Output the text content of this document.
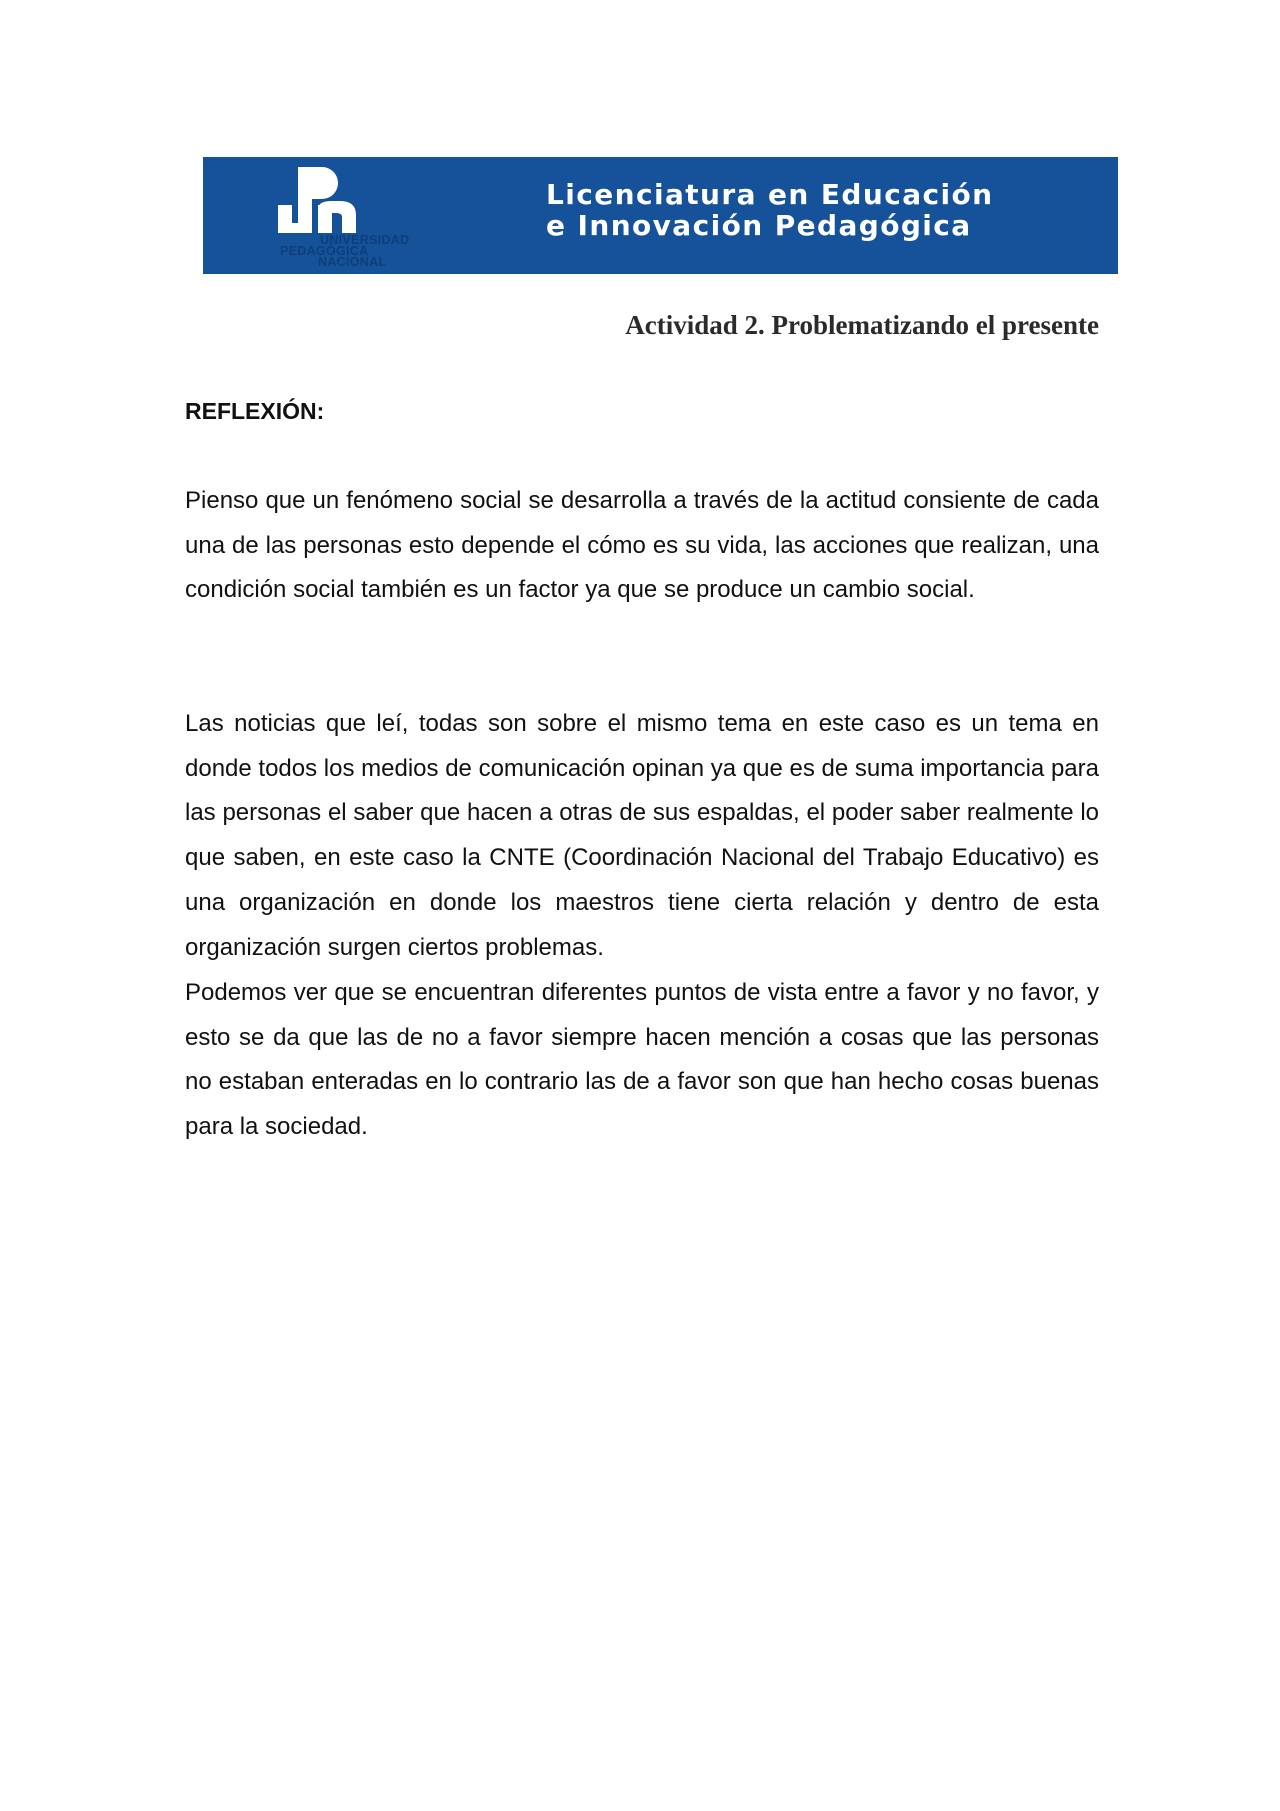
UNIVERSIDAD
PEDAGÓGICA
NACIONAL
Licenciatura en Educación
e Innovación Pedagógica
Actividad 2. Problematizando el presente
REFLEXIÓN:

Pienso que un fenómeno social se desarrolla a través de la actitud consiente de cada una de las personas esto depende el cómo es su vida, las acciones que realizan, una condición social también es un factor ya que se produce un cambio social.

Las noticias que leí, todas son sobre el mismo tema en este caso es un tema en donde todos los medios de comunicación opinan ya que es de suma importancia para las personas el saber que hacen a otras de sus espaldas, el poder saber realmente lo que saben, en este caso la CNTE (Coordinación Nacional del Trabajo Educativo) es una organización en donde los maestros tiene cierta relación y dentro de esta organización surgen ciertos problemas.

Podemos ver que se encuentran diferentes puntos de vista entre a favor y no favor, y esto se da que las de no a favor siempre hacen mención a cosas que las personas no estaban enteradas en lo contrario las de a favor son que han hecho cosas buenas para la sociedad.
